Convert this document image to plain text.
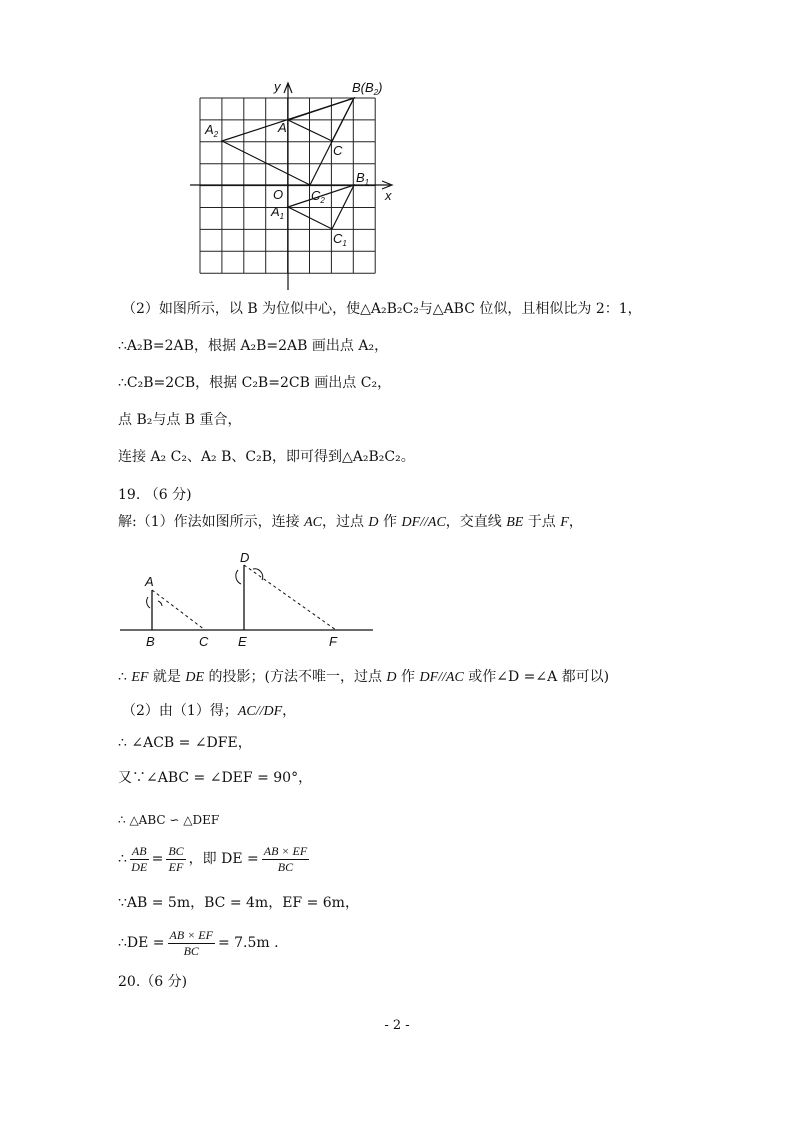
y
x
O
A
$A_2$
$B(B_2)$
C
$C_2$
$B_1$
$A_1$
$C_1$
（2）如图所示，以 B 为位似中心，使△A₂B₂C₂与△ABC 位似，且相似比为 2：1，
∴A₂B=2AB，根据 A₂B=2AB 画出点 A₂，
∴C₂B=2CB，根据 C₂B=2CB 画出点 C₂，
点 B₂与点 B 重合，
连接 A₂ C₂、A₂ B、C₂B，即可得到△A₂B₂C₂。
19. （6 分)
解:（1）作法如图所示，连接 AC，过点 D 作 DF//AC，交直线 BE 于点 F，
A
B	C
D
E	F
∴ EF 就是 DE 的投影；(方法不唯一，过点 D 作 DF//AC 或作∠D =∠A 都可以)
（2）由（1）得；AC//DF，
∴ ∠ACB = ∠DFE，
又∵∠ABC = ∠DEF = 90°，
∴ △ABC ∽ △DEF
∴ $\frac{AB}{DE} = \frac{BC}{EF}$ ，即 DE = $\frac{AB \times EF}{BC}$
∵AB = 5m，BC = 4m，EF = 6m，
∴DE = $\frac{AB \times EF}{BC} = 7.5m$ .
20.（6 分)
- 2 -
